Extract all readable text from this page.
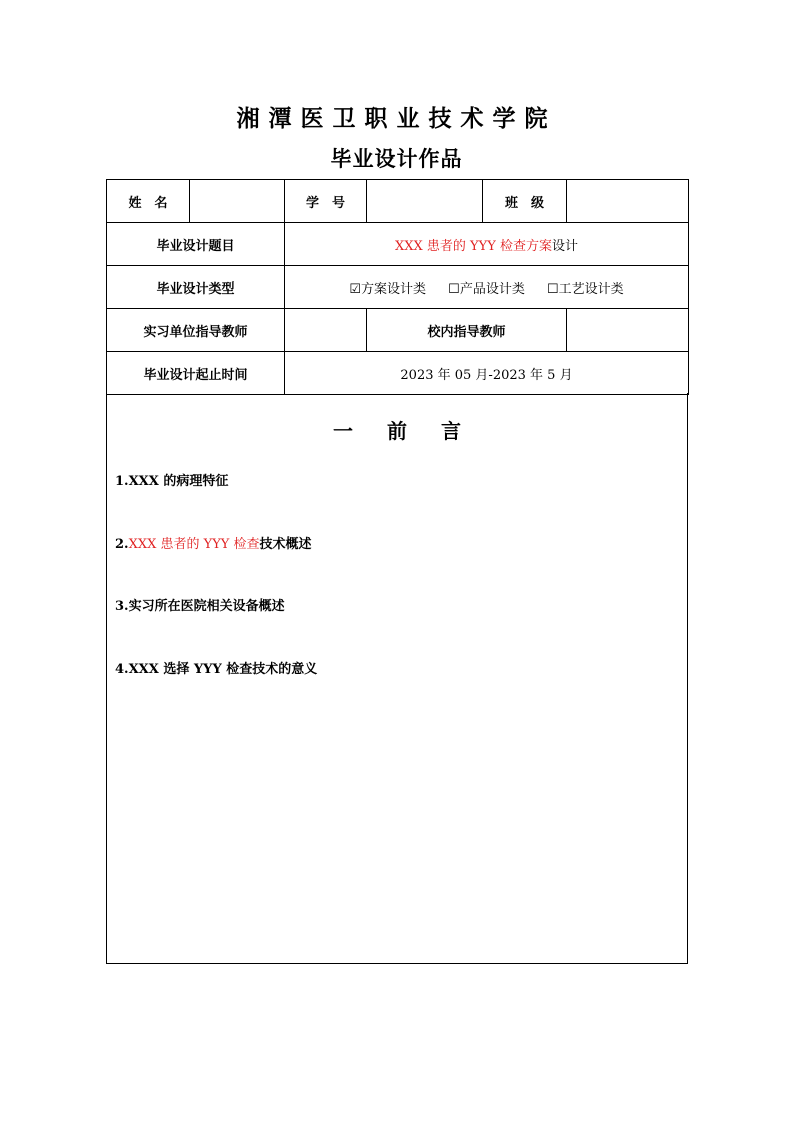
湘潭医卫职业技术学院
毕业设计作品
姓　名		学　号		班　级	
毕业设计题目		XXX 患者的 YYY 检查方案设计			
毕业设计类型		☑方案设计类 ☐产品设计类 ☐工艺设计类			
实习单位指导教师			校内指导教师		
毕业设计起止时间		2023 年 05 月-2023 年 5 月			
一 前 言
1.XXX 的病理特征
2.XXX 患者的 YYY 检查技术概述
3.实习所在医院相关设备概述
4.XXX 选择 YYY 检查技术的意义
